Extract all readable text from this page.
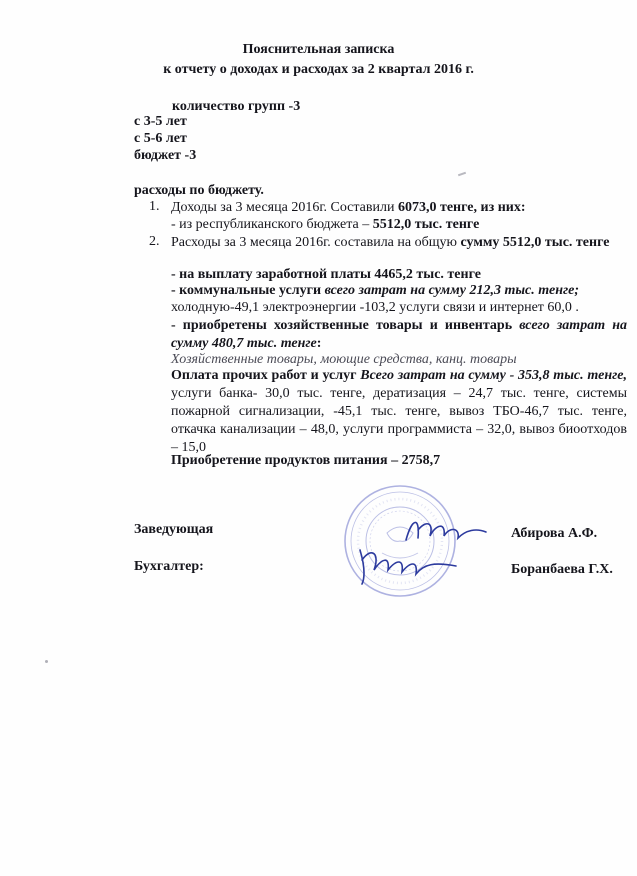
Пояснительная записка
к отчету о доходах и расходах за 2 квартал 2016 г.
количество групп -3
с 3-5 лет
с 5-6 лет
бюджет -3
расходы по бюджету.
1. Доходы за 3 месяца 2016г. Составили 6073,0 тенге, из них:
- из республиканского бюджета – 5512,0 тыс. тенге
2. Расходы за 3 месяца 2016г. составила на общую сумму 5512,0 тыс. тенге
- на выплату заработной платы 4465,2 тыс. тенге
- коммунальные услуги всего затрат на сумму 212,3 тыс. тенге;
холодную-49,1 электроэнергии -103,2 услуги связи и интернет 60,0 .
- приобретены хозяйственные товары и инвентарь всего затрат на сумму 480,7 тыс. тенге:
Хозяйственные товары, моющие средства, канц. товары
Оплата прочих работ и услуг Всего затрат на сумму - 353,8 тыс. тенге, услуги банка- 30,0 тыс. тенге, дератизация – 24,7 тыс. тенге, системы пожарной сигнализации, -45,1 тыс. тенге, вывоз ТБО-46,7 тыс. тенге, откачка канализации – 48,0, услуги программиста – 32,0, вывоз биоотходов – 15,0
Приобретение продуктов питания – 2758,7
Заведующая	Абирова А.Ф.
Бухгалтер:	Боранбаева Г.Х.
